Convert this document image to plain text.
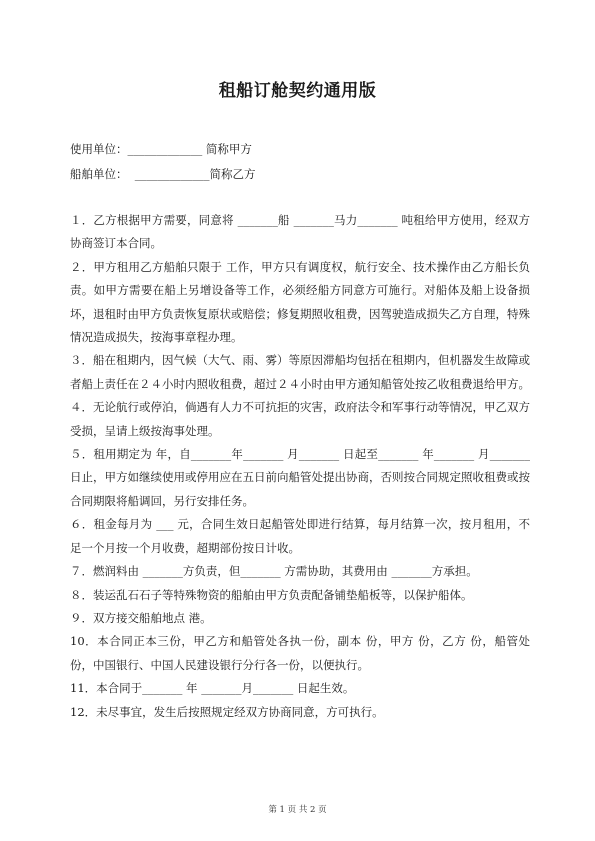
租船订舱契约通用版
使用单位：_____________ 简称甲方
船舶单位：  _____________简称乙方

１．乙方根据甲方需要，同意将 _______船 _______马力_______ 吨租给甲方使用，经双方协商签订本合同。

２．甲方租用乙方船舶只限于 工作，甲方只有调度权，航行安全、技术操作由乙方船长负责。如甲方需要在船上另增设备等工作，必须经船方同意方可施行。对船体及船上设备损坏，退租时由甲方负责恢复原状或赔偿；修复期照收租费，因驾驶造成损失乙方自理，特殊情况造成损失，按海事章程办理。

３．船在租期内，因气候（大气、雨、雾）等原因滞船均包括在租期内，但机器发生故障或者船上责任在２４小时内照收租费，超过２４小时由甲方通知船管处按乙收租费退给甲方。

４．无论航行或停泊，倘遇有人力不可抗拒的灾害，政府法令和军事行动等情况，甲乙双方受损，呈请上级按海事处理。

５．租用期定为 年，自_______年_______ 月_______ 日起至_______ 年_______ 月_______日止，甲方如继续使用或停用应在五日前向船管处提出协商，否则按合同规定照收租费或按合同期限将船调回，另行安排任务。

６．租金每月为 ___ 元，合同生效日起船管处即进行结算，每月结算一次，按月租用，不足一个月按一个月收费，超期部份按日计收。

７．燃润料由 _______方负责，但_______ 方需协助，其费用由 _______方承担。

８．装运乱石石子等特殊物资的船舶由甲方负责配备铺垫船板等，以保护船体。

９．双方接交船舶地点 港。

10．本合同正本三份，甲乙方和船管处各执一份，副本 份，甲方 份，乙方 份，船管处 份，中国银行、中国人民建设银行分行各一份，以便执行。

11．本合同于_______ 年 _______月_______ 日起生效。

12．未尽事宜，发生后按照规定经双方协商同意，方可执行。

第 1 页 共 2 页
